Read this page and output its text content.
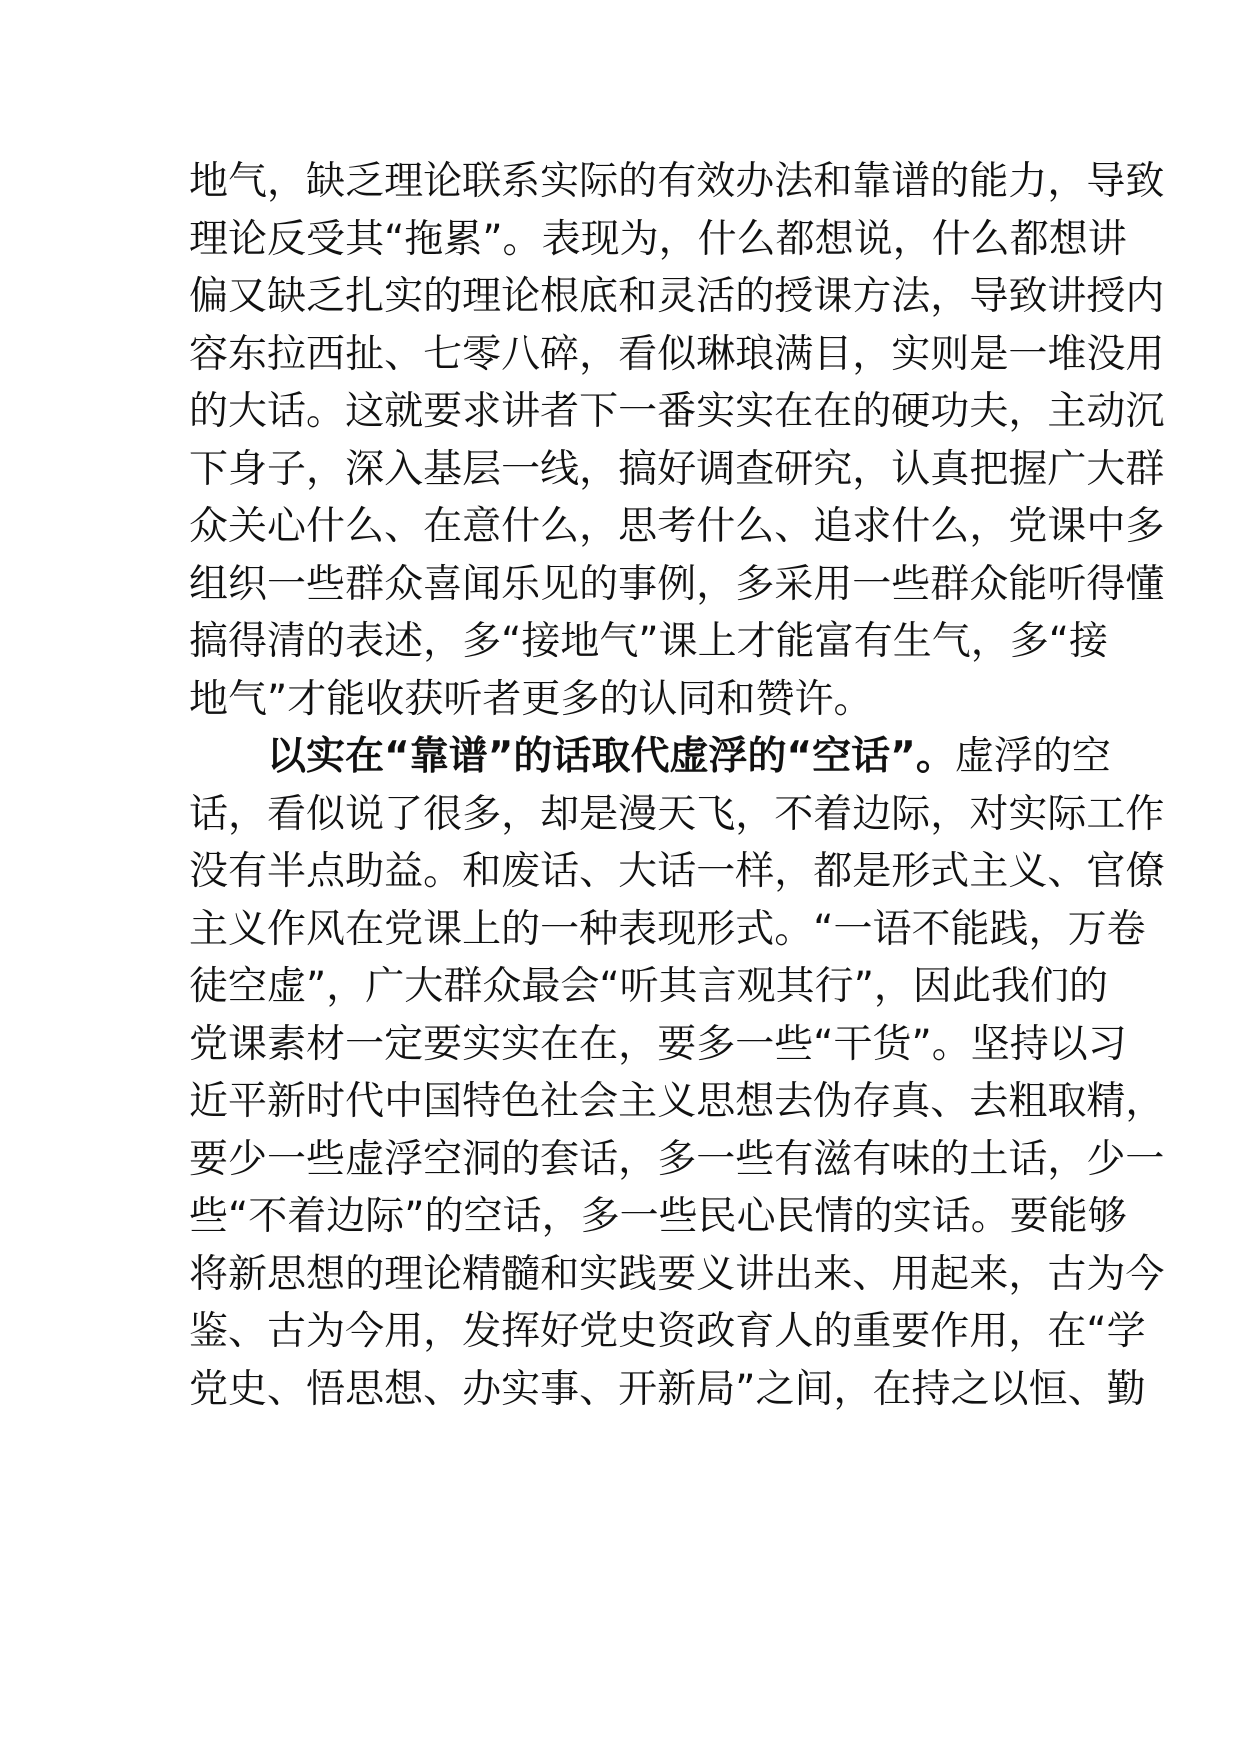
地 气 ， 缺 乏 理 论 联 系 实 际 的 有 效 办 法 和 靠 谱 的 能 力 ， 导 致
理 论 反 受 其 “ 拖 累 ” 。 表 现 为 ， 什 么 都 想 说 ， 什 么 都 想 讲
偏 又 缺 乏 扎 实 的 理 论 根 底 和 灵 活 的 授 课 方 法 ， 导 致 讲 授 内
容 东 拉 西 扯 、 七 零 八 碎 ， 看 似 琳 琅 满 目 ， 实 则 是 一 堆 没 用
的 大 话 。 这 就 要 求 讲 者 下 一 番 实 实 在 在 的 硬 功 夫 ， 主 动 沉
下 身 子 ， 深 入 基 层 一 线 ， 搞 好 调 查 研 究 ， 认 真 把 握 广 大 群
众 关 心 什 么 、 在 意 什 么 ， 思 考 什 么 、 追 求 什 么 ， 党 课 中 多
组 织 一 些 群 众 喜 闻 乐 见 的 事 例 ， 多 采 用 一 些 群 众 能 听 得 懂
搞 得 清 的 表 述 ， 多 “ 接 地 气 ” 课 上 才 能 富 有 生 气 ， 多 “ 接
地 气 ” 才 能 收 获 听 者 更 多 的 认 同 和 赞 许 。

以 实 在 “ 靠 谱 ” 的 话 取 代 虚 浮 的 “ 空 话 ” 。 虚 浮 的 空
话 ， 看 似 说 了 很 多 ， 却 是 漫 天 飞 ， 不 着 边 际 ， 对 实 际 工 作
没 有 半 点 助 益 。 和 废 话 、 大 话 一 样 ， 都 是 形 式 主 义 、 官 僚
主 义 作 风 在 党 课 上 的 一 种 表 现 形 式 。 “ 一 语 不 能 践 ， 万 卷
徒 空 虚 ” ， 广 大 群 众 最 会 “ 听 其 言 观 其 行 ” ， 因 此 我 们 的
党 课 素 材 一 定 要 实 实 在 在 ， 要 多 一 些 “ 干 货 ” 。 坚 持 以 习
近 平 新 时 代 中 国 特 色 社 会 主 义 思 想 去 伪 存 真 、 去 粗 取 精 ，
要 少 一 些 虚 浮 空 洞 的 套 话 ， 多 一 些 有 滋 有 味 的 土 话 ， 少 一
些 “ 不 着 边 际 ” 的 空 话 ， 多 一 些 民 心 民 情 的 实 话 。 要 能 够
将 新 思 想 的 理 论 精 髓 和 实 践 要 义 讲 出 来 、 用 起 来 ， 古 为 今
鉴 、 古 为 今 用 ， 发 挥 好 党 史 资 政 育 人 的 重 要 作 用 ， 在 “ 学
党 史 、 悟 思 想 、 办 实 事 、 开 新 局 ” 之 间 ， 在 持 之 以 恒 、 勤
